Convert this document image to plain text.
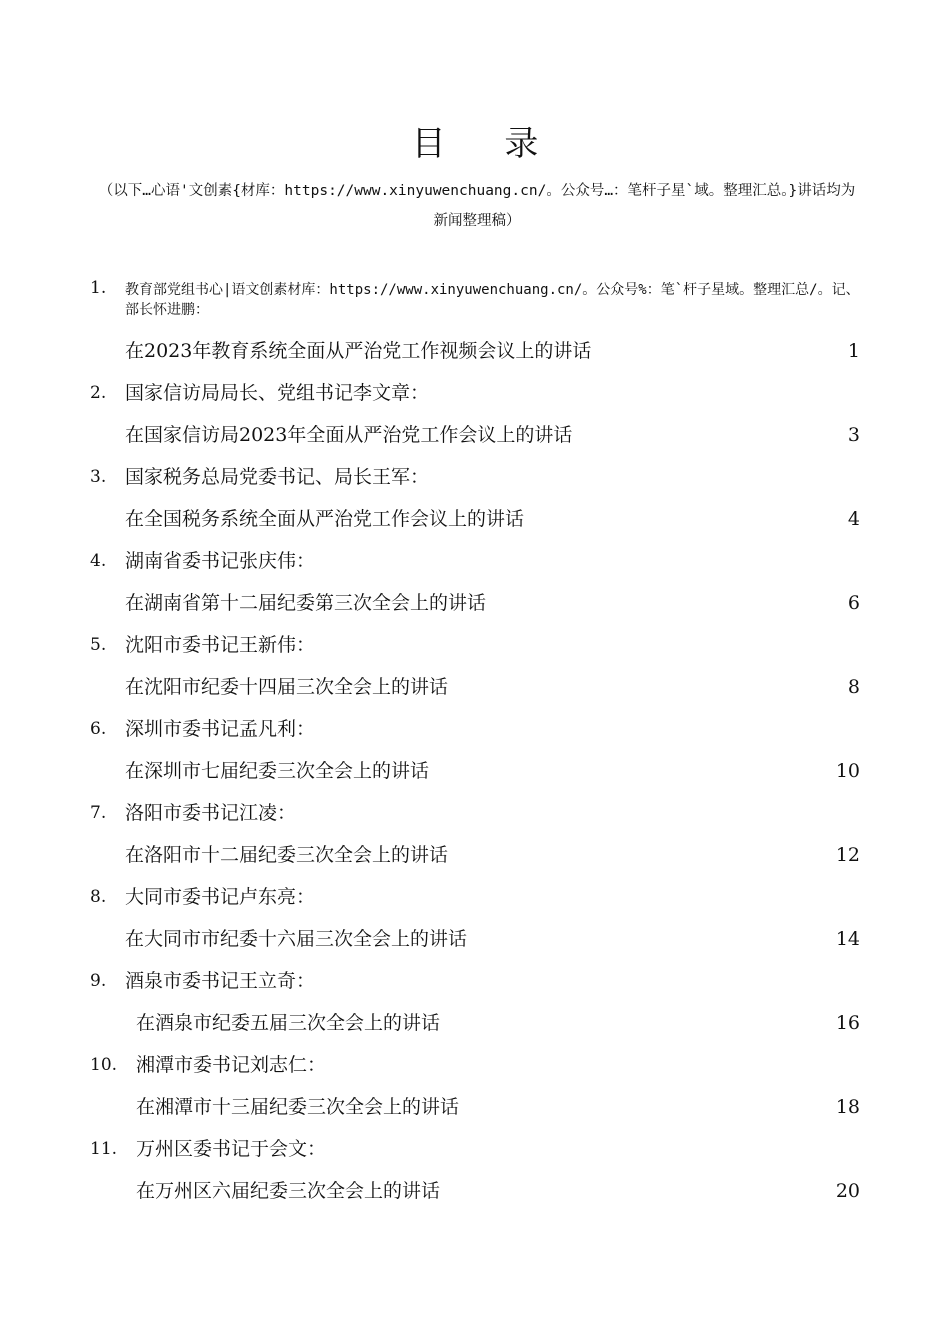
目 录
（以下…心语'文创素{材库：https://www.xinyuwenchuang.cn/。公众号…：笔杆子星`域。整理汇总。}讲话均为新闻整理稿）
1. 教育部党组书心|语文创素材库：https://www.xinyuwenchuang.cn/。公众号%：笔`杆子星域。整理汇总/。记、部长怀进鹏：
在2023年教育系统全面从严治党工作视频会议上的讲话	1
2. 国家信访局局长、党组书记李文章：
在国家信访局2023年全面从严治党工作会议上的讲话	3
3. 国家税务总局党委书记、局长王军：
在全国税务系统全面从严治党工作会议上的讲话	4
4. 湖南省委书记张庆伟：
在湖南省第十二届纪委第三次全会上的讲话	6
5. 沈阳市委书记王新伟：
在沈阳市纪委十四届三次全会上的讲话	8
6. 深圳市委书记孟凡利：
在深圳市七届纪委三次全会上的讲话	10
7. 洛阳市委书记江凌：
在洛阳市十二届纪委三次全会上的讲话	12
8. 大同市委书记卢东亮：
在大同市市纪委十六届三次全会上的讲话	14
9. 酒泉市委书记王立奇：
在酒泉市纪委五届三次全会上的讲话	16
10. 湘潭市委书记刘志仁：
在湘潭市十三届纪委三次全会上的讲话	18
11. 万州区委书记于会文：
在万州区六届纪委三次全会上的讲话	20
